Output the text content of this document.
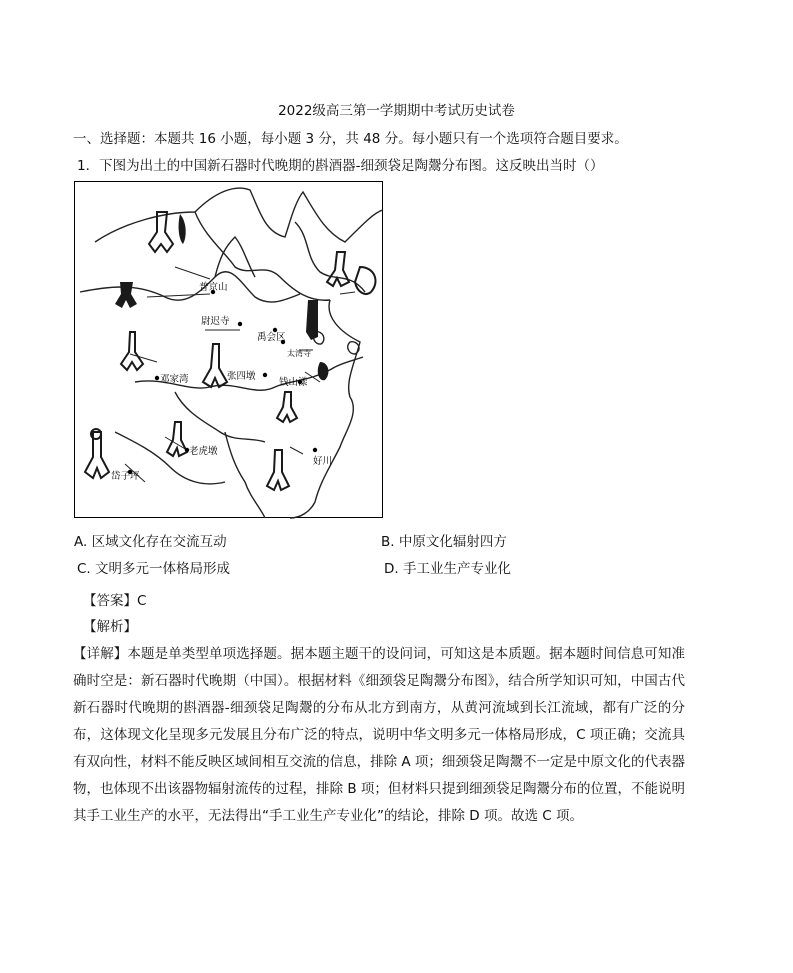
2022级高三第一学期期中考试历史试卷
一、选择题：本题共 16 小题，每小题 3 分，共 48 分。每小题只有一个选项符合题目要求。
1．下图为出土的中国新石器时代晚期的斟酒器-细颈袋足陶鬶分布图。这反映出当时（）
普京山
尉迟寺
禹会区
太湾寺
邓家湾	张四墩
钱山漾
老虎墩
好川
岱子坪
A. 区域文化存在交流互动	B. 中原文化辐射四方
C. 文明多元一体格局形成	D. 手工业生产专业化
【答案】C
【解析】
【详解】本题是单类型单项选择题。据本题主题干的设问词，可知这是本质题。据本题时间信息可知准确时空是：新石器时代晚期（中国）。根据材料《细颈袋足陶鬶分布图》，结合所学知识可知，中国古代新石器时代晚期的斟酒器-细颈袋足陶鬶的分布从北方到南方，从黄河流域到长江流域，都有广泛的分布，这体现文化呈现多元发展且分布广泛的特点，说明中华文明多元一体格局形成，C 项正确；交流具有双向性，材料不能反映区域间相互交流的信息，排除 A 项；细颈袋足陶鬶不一定是中原文化的代表器物，也体现不出该器物辐射流传的过程，排除 B 项；但材料只提到细颈袋足陶鬶分布的位置，不能说明其手工业生产的水平，无法得出“手工业生产专业化”的结论，排除 D 项。故选 C 项。
